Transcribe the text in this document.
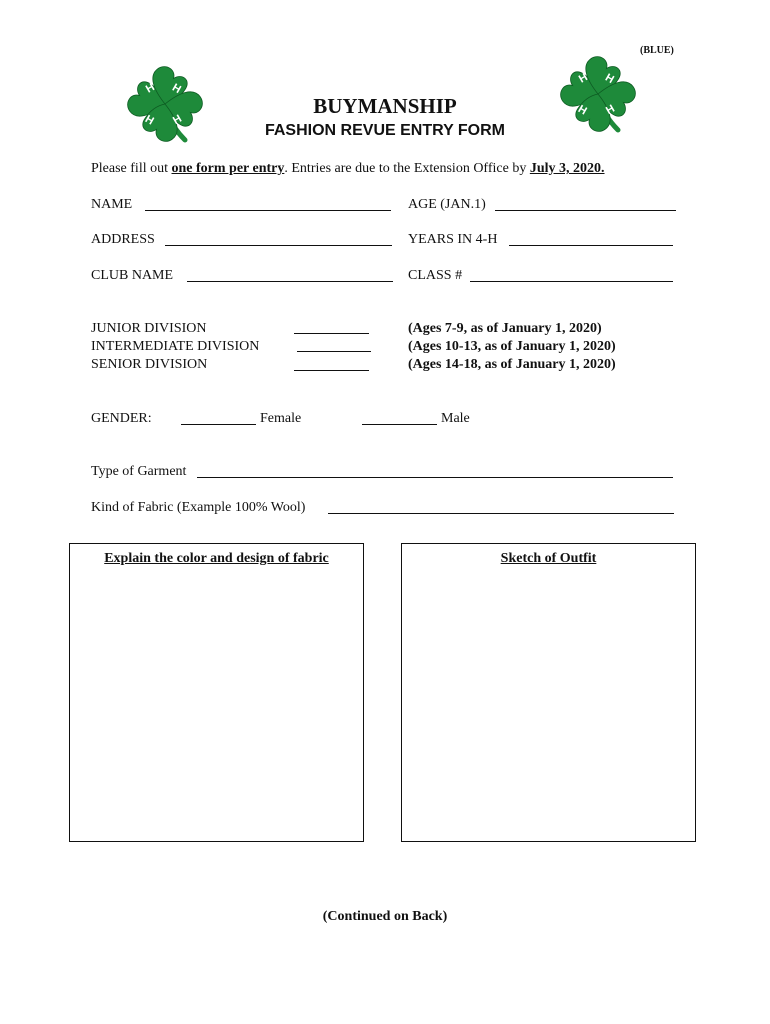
(BLUE)
BUYMANSHIP
FASHION REVUE ENTRY FORM
Please fill out one form per entry. Entries are due to the Extension Office by July 3, 2020.
NAME	AGE (JAN.1)
ADDRESS	YEARS IN 4-H
CLUB NAME	CLASS #
JUNIOR DIVISION	(Ages 7-9, as of January 1, 2020)
INTERMEDIATE DIVISION	(Ages 10-13, as of January 1, 2020)
SENIOR DIVISION	(Ages 14-18, as of January 1, 2020)
GENDER:	Female	Male
Type of Garment
Kind of Fabric (Example 100% Wool)
Explain the color and design of fabric	Sketch of Outfit
(Continued on Back)
